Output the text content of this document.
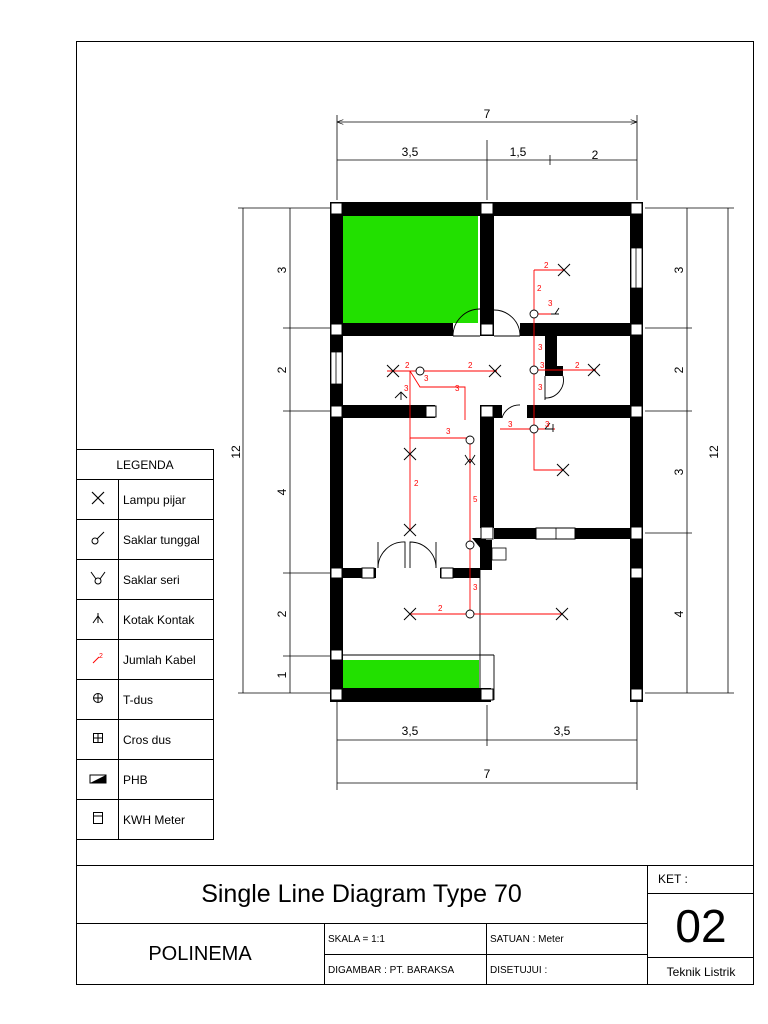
7
3,5	1,5	2
3,5	3,5
7
12
3
2
4
2
1
12
3
2
3
4
2
2
3
3
3	2
3
3
3	3
3
2	2
5
3	3
2
2
3
LEGENDA	
	Lampu pijar
	Saklar tunggal
	Saklar seri
	Kotak Kontak

2	Jumlah Kabel
	T-dus
	Cros dus
	PHB
	KWH Meter
Single Line Diagram Type 70
POLINEMA
SKALA = 1:1	SATUAN : Meter
DIGAMBAR : PT. BARAKSA	DISETUJUI :
KET :
02
Teknik Listrik
